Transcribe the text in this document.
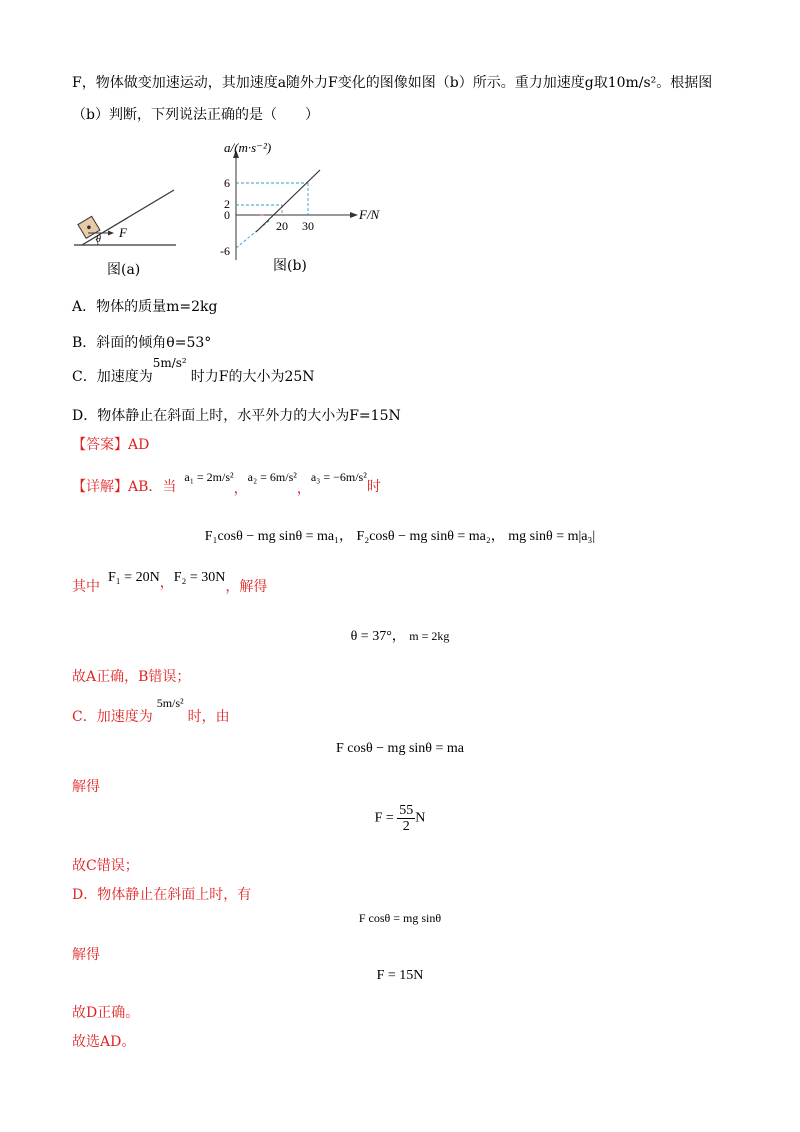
F，物体做变加速运动，其加速度a随外力F变化的图像如图（b）所示。重力加速度g取10m/s²。根据图
（b）判断，下列说法正确的是（　　）
F
θ
图(a)
6
2
0
-6
20 30
F/N
a/(m·s⁻²)
图(b)
A．物体的质量m=2kg
B．斜面的倾角θ=53°
C．加速度为5m/s²时力F的大小为25N
D．物体静止在斜面上时，水平外力的大小为F=15N
【答案】AD
【详解】AB．当a₁ = 2m/s²，a₂ = 6m/s²，a₃ = −6m/s²时
F₁cosθ − mg sinθ = ma₁， F₂cosθ − mg sinθ = ma₂， mg sinθ = m|a₃|
其中F₁ = 20N，F₂ = 30N，解得
θ = 37°， m = 2kg
故A正确，B错误；
C．加速度为5m/s²时，由
F cosθ − mg sinθ = ma
解得
$F = \frac{55}{2}$ N
故C错误；
D．物体静止在斜面上时，有
F cosθ = mg sinθ
解得
F = 15N
故D正确。
故选AD。
